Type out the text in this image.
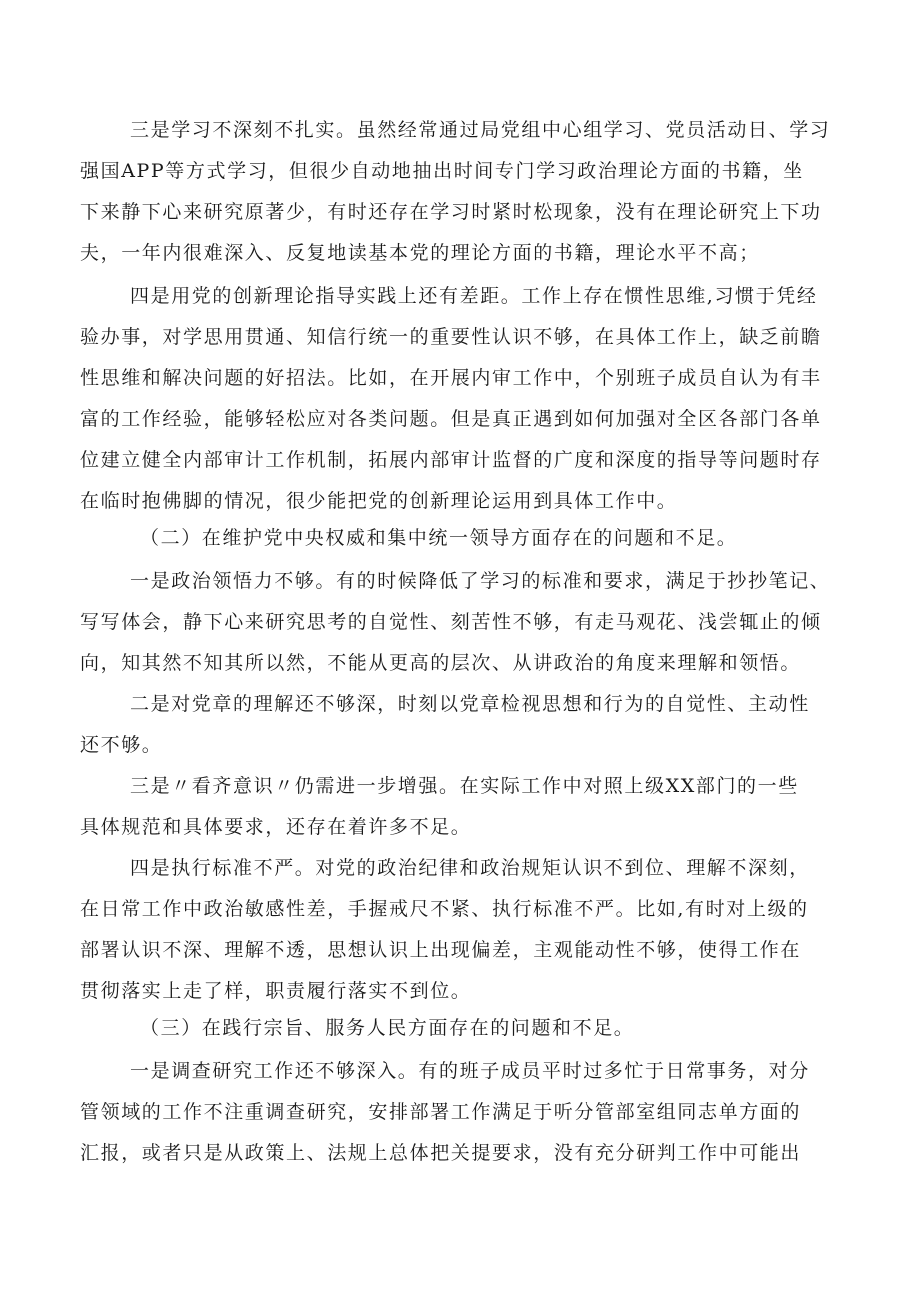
三是学习不深刻不扎实。虽然经常通过局党组中心组学习、党员活动日、学习
强国APP等方式学习，但很少自动地抽出时间专门学习政治理论方面的书籍，坐
下来静下心来研究原著少，有时还存在学习时紧时松现象，没有在理论研究上下功
夫，一年内很难深入、反复地读基本党的理论方面的书籍，理论水平不高；
四是用党的创新理论指导实践上还有差距。工作上存在惯性思维,习惯于凭经
验办事，对学思用贯通、知信行统一的重要性认识不够，在具体工作上，缺乏前瞻
性思维和解决问题的好招法。比如，在开展内审工作中，个别班子成员自认为有丰
富的工作经验，能够轻松应对各类问题。但是真正遇到如何加强对全区各部门各单
位建立健全内部审计工作机制，拓展内部审计监督的广度和深度的指导等问题时存
在临时抱佛脚的情况，很少能把党的创新理论运用到具体工作中。
（二）在维护党中央权威和集中统一领导方面存在的问题和不足。
一是政治领悟力不够。有的时候降低了学习的标准和要求，满足于抄抄笔记、
写写体会，静下心来研究思考的自觉性、刻苦性不够，有走马观花、浅尝辄止的倾
向，知其然不知其所以然，不能从更高的层次、从讲政治的角度来理解和领悟。
二是对党章的理解还不够深，时刻以党章检视思想和行为的自觉性、主动性
还不够。
三是〃看齐意识〃仍需进一步增强。在实际工作中对照上级XX部门的一些
具体规范和具体要求，还存在着许多不足。
四是执行标准不严。对党的政治纪律和政治规矩认识不到位、理解不深刻，
在日常工作中政治敏感性差，手握戒尺不紧、执行标准不严。比如,有时对上级的
部署认识不深、理解不透，思想认识上出现偏差，主观能动性不够，使得工作在
贯彻落实上走了样，职责履行落实不到位。
（三）在践行宗旨、服务人民方面存在的问题和不足。
一是调查研究工作还不够深入。有的班子成员平时过多忙于日常事务，对分
管领域的工作不注重调查研究，安排部署工作满足于听分管部室组同志单方面的
汇报，或者只是从政策上、法规上总体把关提要求，没有充分研判工作中可能出
